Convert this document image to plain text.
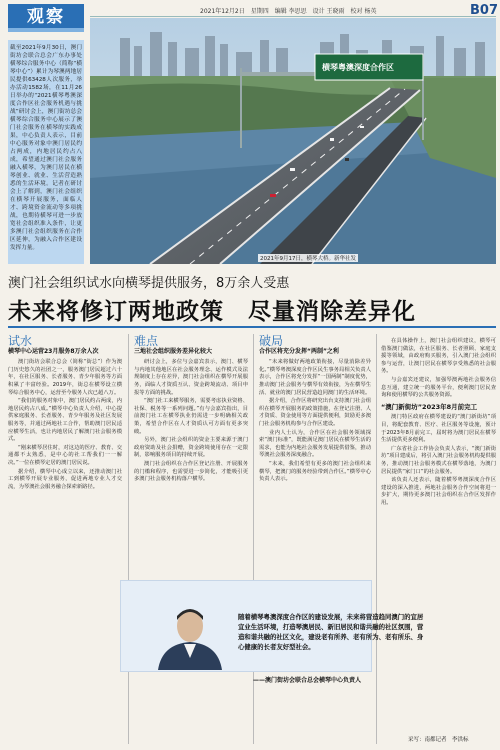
观察	2021年12月2日　星期四　编辑 李思思　设计 王晓雨　校对 杨英	B07
截至2021年9月30日，澳门街坊会联合总会广东办事处横琴综合服务中心（简称“横琴中心”）累计为琴澳两地居民提供63428人次服务，举办活动1582场，在11月26日举办的“2021横琴粤澳深度合作区社会服务机遇与挑战”研讨会上，澳门街坊总会横琴综合服务中心展示了澳门社会服务在横琴的实践成果，中心负责人表示，目前中心服务对象中澳门居民约占两成，内地居民约占八成，希望通过澳门社会服务融入横琴，为澳门居民在横琴创业、就业、生活营造熟悉的生活环境。记者在研讨会上了解到，澳门社会组织在横琴开展服务，面临人才、跨境资金流动等多项挑战，也期待横琴可进一步放宽社会组织准入条件，让更多澳门社会组织服务在合作区延伸，为融入合作区建设发挥力量。
横琴粤澳深度合作区
2021年9月17日，横琴大桥。新华社发
澳门社会组织试水向横琴提供服务，8万余人受惠
未来将修订两地政策　尽量消除差异化
试水
横琴中心运营23月服务8万余人次

澳门街坊会联合总会（简称“街总”）作为澳门历史悠久的社团之一，服务澳门居民超过六十年，在社区服务、长者服务、青少年服务等方面积累了丰富经验。2019年，街总在横琴设立横琴综合服务中心，运营至今服务人次已超八万。

“我们的服务对象中，澳门居民约占两成，内地居民约占八成。”横琴中心负责人介绍，中心提供家庭服务、长者服务、青少年服务及社区发展服务等，并通过两地社工合作，帮助澳门居民适应横琴生活，也让内地居民了解澳门社会服务模式。

“刚来横琴居住时，对这边的医疗、教育、交通都不太熟悉，是中心的社工帮我们一一解决。”一位在横琴定居的澳门居民说。

据介绍，横琴中心成立以来，还推动澳门社工到横琴开展专业服务，促进两地专业人才交流，为琴澳社会服务融合探索新路径。

难点
三地社会组织服务差异化较大

研讨会上，多位与会嘉宾表示，澳门、横琴与内地其他地区在社会服务理念、运作模式及法规制度上存在差异，澳门社会组织在横琴开展服务，面临人才资质互认、资金跨境流动、项目申报等方面的挑战。

“澳门社工来横琴服务，需要考虑执业资格、社保、税务等一系列问题。”有与会嘉宾指出，目前澳门社工在横琴执业仍需进一步明确相关政策，希望合作区在人才资质认可方面有更多突破。

另外，澳门社会组织的资金主要来源于澳门政府资助及社会捐赠，资金跨境使用存在一定限制，影响服务项目的持续开展。

澳门社会组织在合作区登记注册、开展服务的门槛和程序，也需要进一步简化，才能吸引更多澳门社会服务机构落户横琴。

破局
合作区将充分发挥“两制”之利

“未来将做好两地政策衔接，尽量消除差异化。”横琴粤澳深度合作区民生事务局相关负责人表示，合作区将充分发挥“一国两制”制度优势，推动澳门社会服务与横琴有效衔接，为在横琴生活、就业的澳门居民营造趋同澳门的生活环境。

据介绍，合作区将研究出台支持澳门社会组织在横琴开展服务的政策措施，在登记注册、人才资质、资金使用等方面提供便利，鼓励更多澳门社会服务机构参与合作区建设。

业内人士认为，合作区在社会服务领域探索“澳门标准”，既能满足澳门居民在横琴生活的需求，也能为内地社会服务发展提供借鉴，推动琴澳社会服务深度融合。

“未来，我们希望有更多的澳门社会组织来横琴，把澳门的服务经验带到合作区。”横琴中心负责人表示。

在具体操作上，澳门社会组织建议，横琴可借鉴澳门做法，在社区服务、长者照顾、家庭支援等领域，由政府购买服务，引入澳门社会组织参与运营，让澳门居民在横琴享受熟悉的社会服务。

与会嘉宾还建议，加强琴澳两地社会服务信息互通，建立统一的服务平台，便利澳门居民查询和使用横琴的公共服务资源。

“澳门新街坊”2023年8月前完工

澳门特区政府在横琴建设的“澳门新街坊”项目，将配套教育、医疗、社区服务等设施，预计于2023年8月前完工，届时将为澳门居民在横琴生活提供更多便利。

广东省社会工作协会负责人表示，“澳门新街坊”项目建成后，将引入澳门社会服务机构提供服务，推动澳门社会服务模式在横琴落地，为澳门居民提供“家门口”的社会服务。

该负责人还表示，随着横琴粤澳深度合作区建设的深入推进，两地社会服务合作空间将进一步扩大，期待更多澳门社会组织在合作区发挥作用。

采写：南都记者　李洪标
随着横琴粤澳深度合作区的建设发展，未来将营造趋同澳门的宜居宜业生活环境，打造琴澳居民、新旧居民和谐共融的社区氛围，营造和谐共融的社区文化，建设老有所养、老有所为、老有所乐、身心健康的长者友好型社会。
——澳门街坊会联合总会横琴中心负责人
